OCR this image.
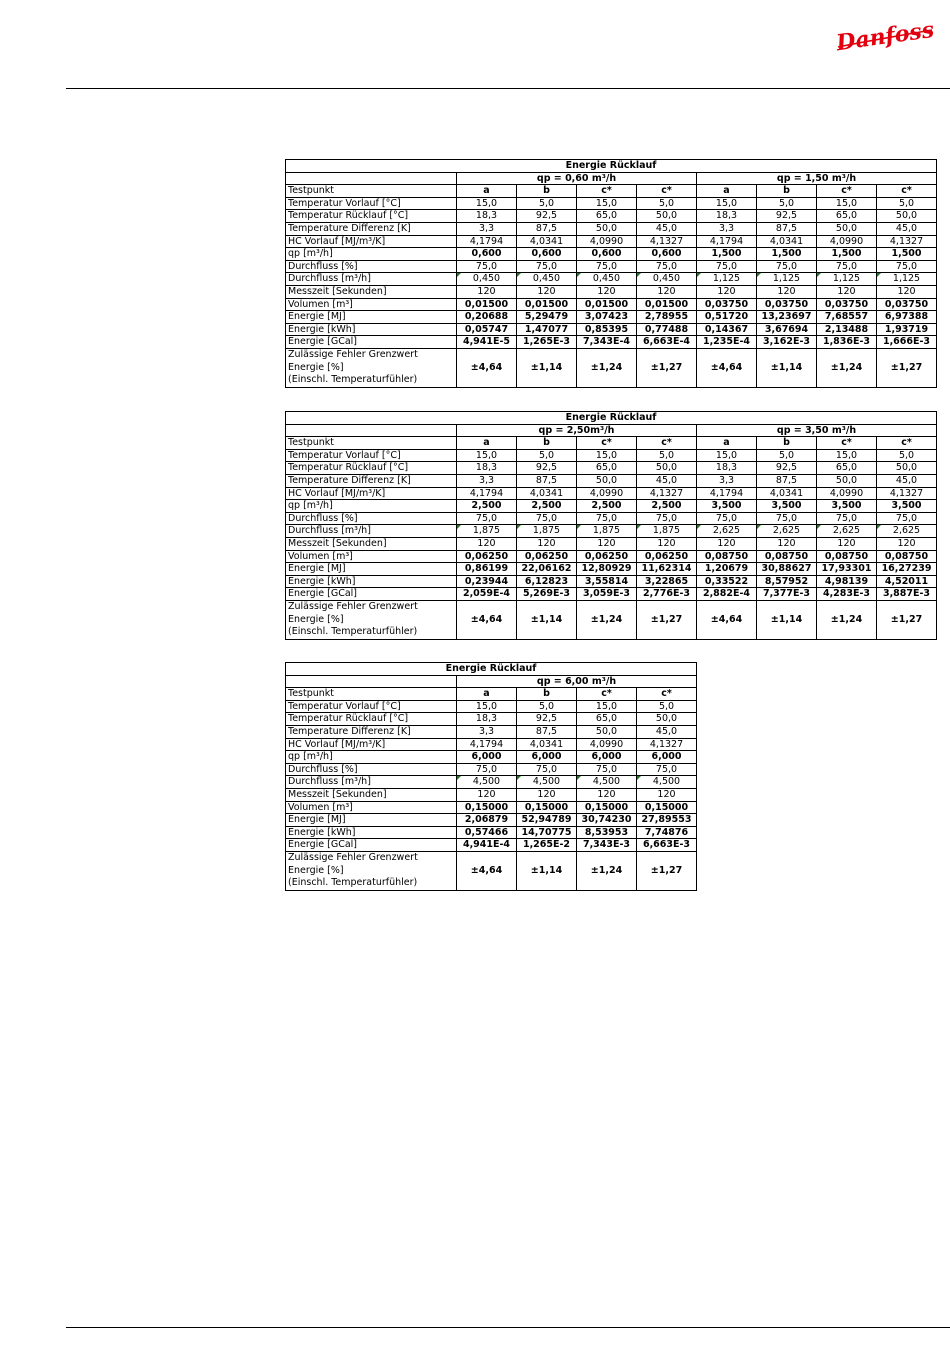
Danfoss
Energie Rücklauf								
	qp = 0,60 m³/h				qp = 1,50 m³/h			
Testpunkt	a	b	c*	c*	a	b	c*	c*
Temperatur Vorlauf [°C]	15,0	5,0	15,0	5,0	15,0	5,0	15,0	5,0
Temperatur Rücklauf [°C]	18,3	92,5	65,0	50,0	18,3	92,5	65,0	50,0
Temperature Differenz [K]	3,3	87,5	50,0	45,0	3,3	87,5	50,0	45,0
HC Vorlauf [MJ/m³/K]	4,1794	4,0341	4,0990	4,1327	4,1794	4,0341	4,0990	4,1327
qp [m³/h]	0,600	0,600	0,600	0,600	1,500	1,500	1,500	1,500
Durchfluss [%]	75,0	75,0	75,0	75,0	75,0	75,0	75,0	75,0
Durchfluss [m³/h]	0,450	0,450	0,450	0,450	1,125	1,125	1,125	1,125
Messzeit [Sekunden]	120	120	120	120	120	120	120	120
Volumen [m³]	0,01500	0,01500	0,01500	0,01500	0,03750	0,03750	0,03750	0,03750
Energie [MJ]	0,20688	5,29479	3,07423	2,78955	0,51720	13,23697	7,68557	6,97388
Energie [kWh]	0,05747	1,47077	0,85395	0,77488	0,14367	3,67694	2,13488	1,93719
Energie [GCal]	4,941E-5	1,265E-3	7,343E-4	6,663E-4	1,235E-4	3,162E-3	1,836E-3	1,666E-3

Zulässige Fehler Grenzwert
Energie [%]
(Einschl. Temperaturfühler)	±4,64	±1,14	±1,24	±1,27	±4,64	±1,14	±1,24	±1,27
Energie Rücklauf								
	qp = 2,50m³/h				qp = 3,50 m³/h			
Testpunkt	a	b	c*	c*	a	b	c*	c*
Temperatur Vorlauf [°C]	15,0	5,0	15,0	5,0	15,0	5,0	15,0	5,0
Temperatur Rücklauf [°C]	18,3	92,5	65,0	50,0	18,3	92,5	65,0	50,0
Temperature Differenz [K]	3,3	87,5	50,0	45,0	3,3	87,5	50,0	45,0
HC Vorlauf [MJ/m³/K]	4,1794	4,0341	4,0990	4,1327	4,1794	4,0341	4,0990	4,1327
qp [m³/h]	2,500	2,500	2,500	2,500	3,500	3,500	3,500	3,500
Durchfluss [%]	75,0	75,0	75,0	75,0	75,0	75,0	75,0	75,0
Durchfluss [m³/h]	1,875	1,875	1,875	1,875	2,625	2,625	2,625	2,625
Messzeit [Sekunden]	120	120	120	120	120	120	120	120
Volumen [m³]	0,06250	0,06250	0,06250	0,06250	0,08750	0,08750	0,08750	0,08750
Energie [MJ]	0,86199	22,06162	12,80929	11,62314	1,20679	30,88627	17,93301	16,27239
Energie [kWh]	0,23944	6,12823	3,55814	3,22865	0,33522	8,57952	4,98139	4,52011
Energie [GCal]	2,059E-4	5,269E-3	3,059E-3	2,776E-3	2,882E-4	7,377E-3	4,283E-3	3,887E-3

Zulässige Fehler Grenzwert
Energie [%]
(Einschl. Temperaturfühler)	±4,64	±1,14	±1,24	±1,27	±4,64	±1,14	±1,24	±1,27
Energie Rücklauf				
	qp = 6,00 m³/h			
Testpunkt	a	b	c*	c*
Temperatur Vorlauf [°C]	15,0	5,0	15,0	5,0
Temperatur Rücklauf [°C]	18,3	92,5	65,0	50,0
Temperature Differenz [K]	3,3	87,5	50,0	45,0
HC Vorlauf [MJ/m³/K]	4,1794	4,0341	4,0990	4,1327
qp [m³/h]	6,000	6,000	6,000	6,000
Durchfluss [%]	75,0	75,0	75,0	75,0
Durchfluss [m³/h]	4,500	4,500	4,500	4,500
Messzeit [Sekunden]	120	120	120	120
Volumen [m³]	0,15000	0,15000	0,15000	0,15000
Energie [MJ]	2,06879	52,94789	30,74230	27,89553
Energie [kWh]	0,57466	14,70775	8,53953	7,74876
Energie [GCal]	4,941E-4	1,265E-2	7,343E-3	6,663E-3

Zulässige Fehler Grenzwert
Energie [%]
(Einschl. Temperaturfühler)	±4,64	±1,14	±1,24	±1,27
